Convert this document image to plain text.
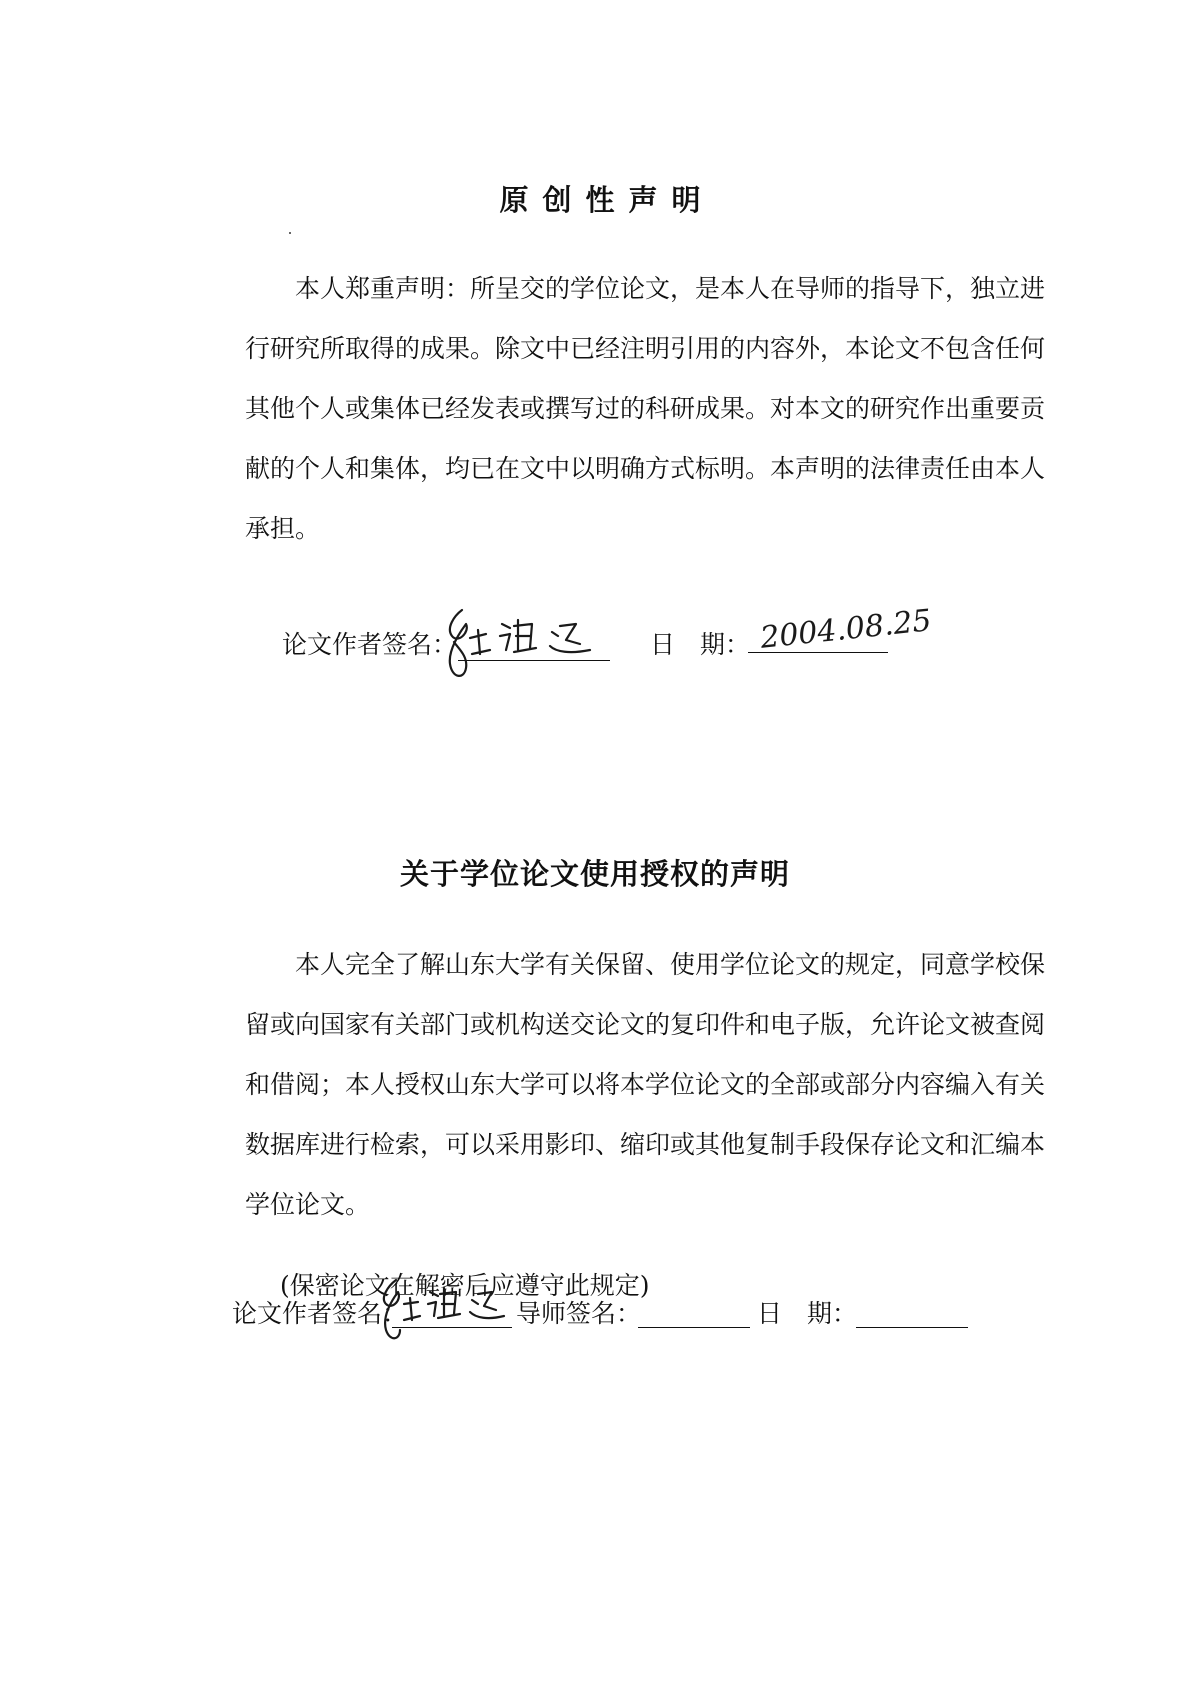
原创性声明

本人郑重声明：所呈交的学位论文，是本人在导师的指导下，独立进行研究所取得的成果。除文中已经注明引用的内容外，本论文不包含任何其他个人或集体已经发表或撰写过的科研成果。对本文的研究作出重要贡献的个人和集体，均已在文中以明确方式标明。本声明的法律责任由本人承担。

论文作者签名：	日　期： 2004.08.25
关于学位论文使用授权的声明

本人完全了解山东大学有关保留、使用学位论文的规定，同意学校保留或向国家有关部门或机构送交论文的复印件和电子版，允许论文被查阅和借阅；本人授权山东大学可以将本学位论文的全部或部分内容编入有关数据库进行检索，可以采用影印、缩印或其他复制手段保存论文和汇编本学位论文。

(保密论文在解密后应遵守此规定)

论文作者签名：	导师签名：	日　期：
